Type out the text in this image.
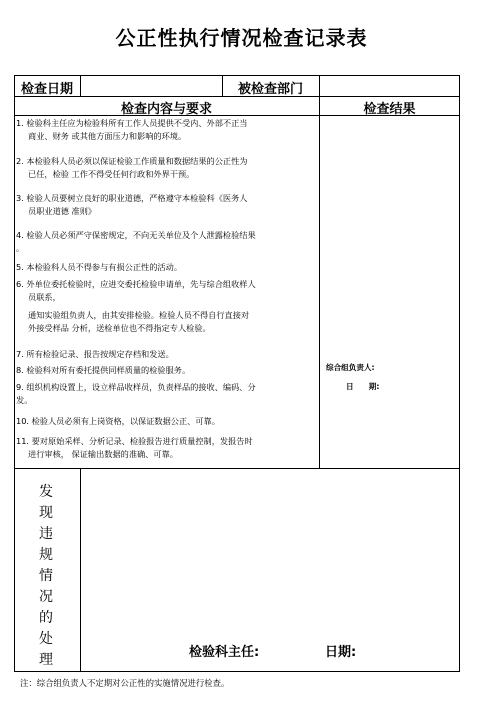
公正性执行情况检查记录表
检查日期	被检查部门
检查内容与要求	检查结果

1. 检验科主任应为检验科所有工作人员提供不受内、外部不正当

商业、财务 或其他方面压力和影响的环境。

2. 本检验科人员必须以保证检验工作质量和数据结果的公正性为

已任，检验 工作不得受任何行政和外界干预。

3. 检验人员要树立良好的职业道德，严格遵守本检验科《医务人

员职业道德 准则》

4. 检验人员必须严守保密规定，不向无关单位及个人泄露检验结果

。

5. 本检验科人员不得参与有损公正性的活动。

6. 外单位委托检验时，应进交委托检验申请单，先与综合组收样人

员联系，

通知实验组负责人，由其安排检验。检验人员不得自行直接对

外接受样品 分析，送检单位也不得指定专人检验。

7. 所有检验记录、报告按规定存档和发送。

8. 检验科对所有委托提供同样质量的检验服务。

9. 组织机构设置上，设立样品收样员，负责样品的接收、编码、分

发。

10. 检验人员必须有上岗资格，以保证数据公正、可靠。

11. 要对原始采样、分析记录、检验报告进行质量控制，发报告时

进行审核， 保证输出数据的准确、可靠。

综合组负责人:
日　　期:
发
现
违
规
情
况
的
处
理	检验科主任:	日期:
注：综合组负责人不定期对公正性的实施情况进行检查。
